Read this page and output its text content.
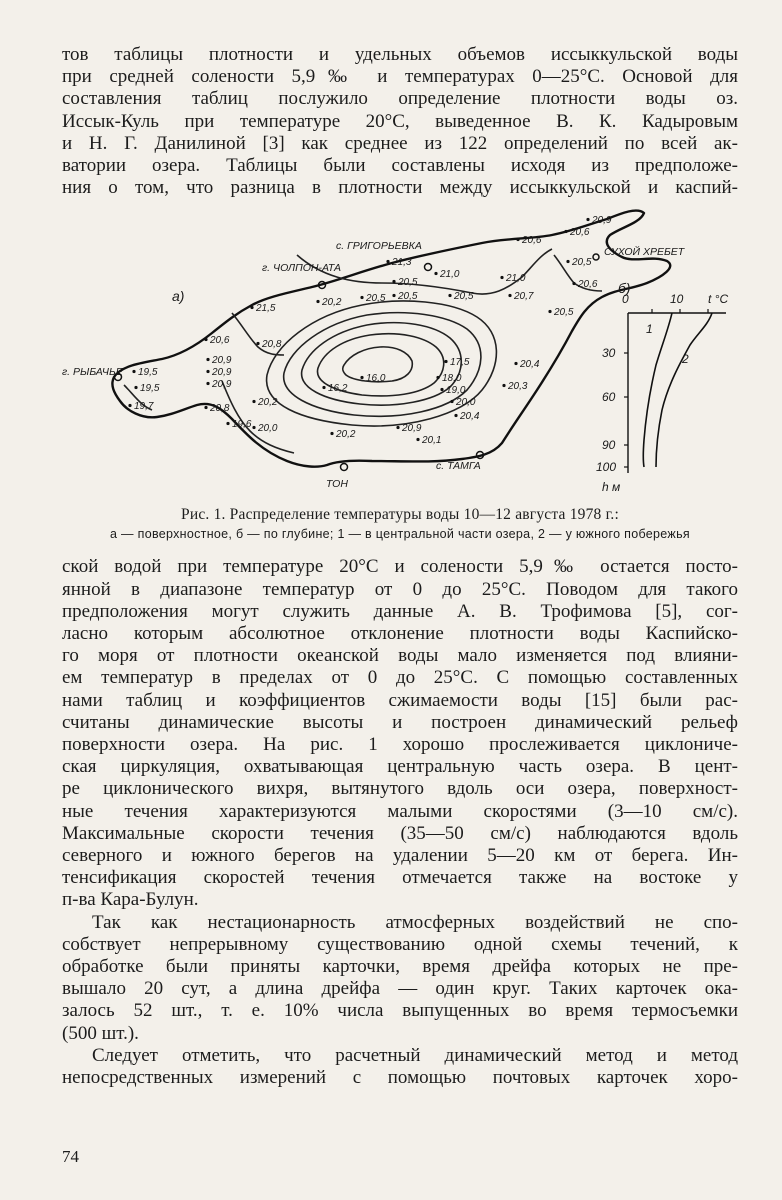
тов таблицы плотности и удельных объемов иссыккульской воды
при средней солености 5,9‰ и температурах 0—25°С. Основой для
составления таблиц послужило определение плотности воды оз.
Иссык-Куль при температуре 20°С, выведенное В. К. Кадыровым
и Н. Г. Данилиной [3] как среднее из 122 определений по всей ак-
ватории озера. Таблицы были составлены исходя из предположе-
ния о том, что разница в плотности между иссыккульской и каспий-

с. ГРИГОРЬЕВКА
г. ЧОЛПОН-АТА
г. РЫБАЧЬЕ
ТОН
с. ТАМГА
СУХОЙ ХРЕБЕТ
а)	б)
20,9
20,6
20,6
20,5
21,3
21,0
20,5	21,0
20,6
20,5	20,5	20,7
20,2 20,5
21,5
20,8
20,6
20,9
20,9
20,9
19,5
19,5
19,7	20,8
20,2
19,6 20,0
16,2
16,0
17,5
18,0
19,0
20,0
20,4
20,3
20,4
20,2
20,9
20,1
20,5
0	10 t °C
30
60
90
100
h м
1
2

Рис. 1. Распределение температуры воды 10—12 августа 1978 г.:

а — поверхностное, б — по глубине; 1 — в центральной части озера, 2 — у южного побережья

ской водой при температуре 20°С и солености 5,9‰ остается посто-
янной в диапазоне температур от 0 до 25°С. Поводом для такого
предположения могут служить данные А. В. Трофимова [5], сог-
ласно которым абсолютное отклонение плотности воды Каспийско-
го моря от плотности океанской воды мало изменяется под влияни-
ем температур в пределах от 0 до 25°С. С помощью составленных
нами таблиц и коэффициентов сжимаемости воды [15] были рас-
считаны динамические высоты и построен динамический рельеф
поверхности озера. На рис. 1 хорошо прослеживается циклониче-
ская циркуляция, охватывающая центральную часть озера. В цент-
ре циклонического вихря, вытянутого вдоль оси озера, поверхност-
ные течения характеризуются малыми скоростями (3—10 см/с).
Максимальные скорости течения (35—50 см/с) наблюдаются вдоль
северного и южного берегов на удалении 5—20 км от берега. Ин-
тенсификация скоростей течения отмечается также на востоке у
п-ва Кара-Булун.

Так как нестационарность атмосферных воздействий не спо-
собствует непрерывному существованию одной схемы течений, к
обработке были приняты карточки, время дрейфа которых не пре-
вышало 20 сут, а длина дрейфа — один круг. Таких карточек ока-
залось 52 шт., т. е. 10% числа выпущенных во время термосъемки
(500 шт.).

Следует отметить, что расчетный динамический метод и метод
непосредственных измерений с помощью почтовых карточек хоро-

74
